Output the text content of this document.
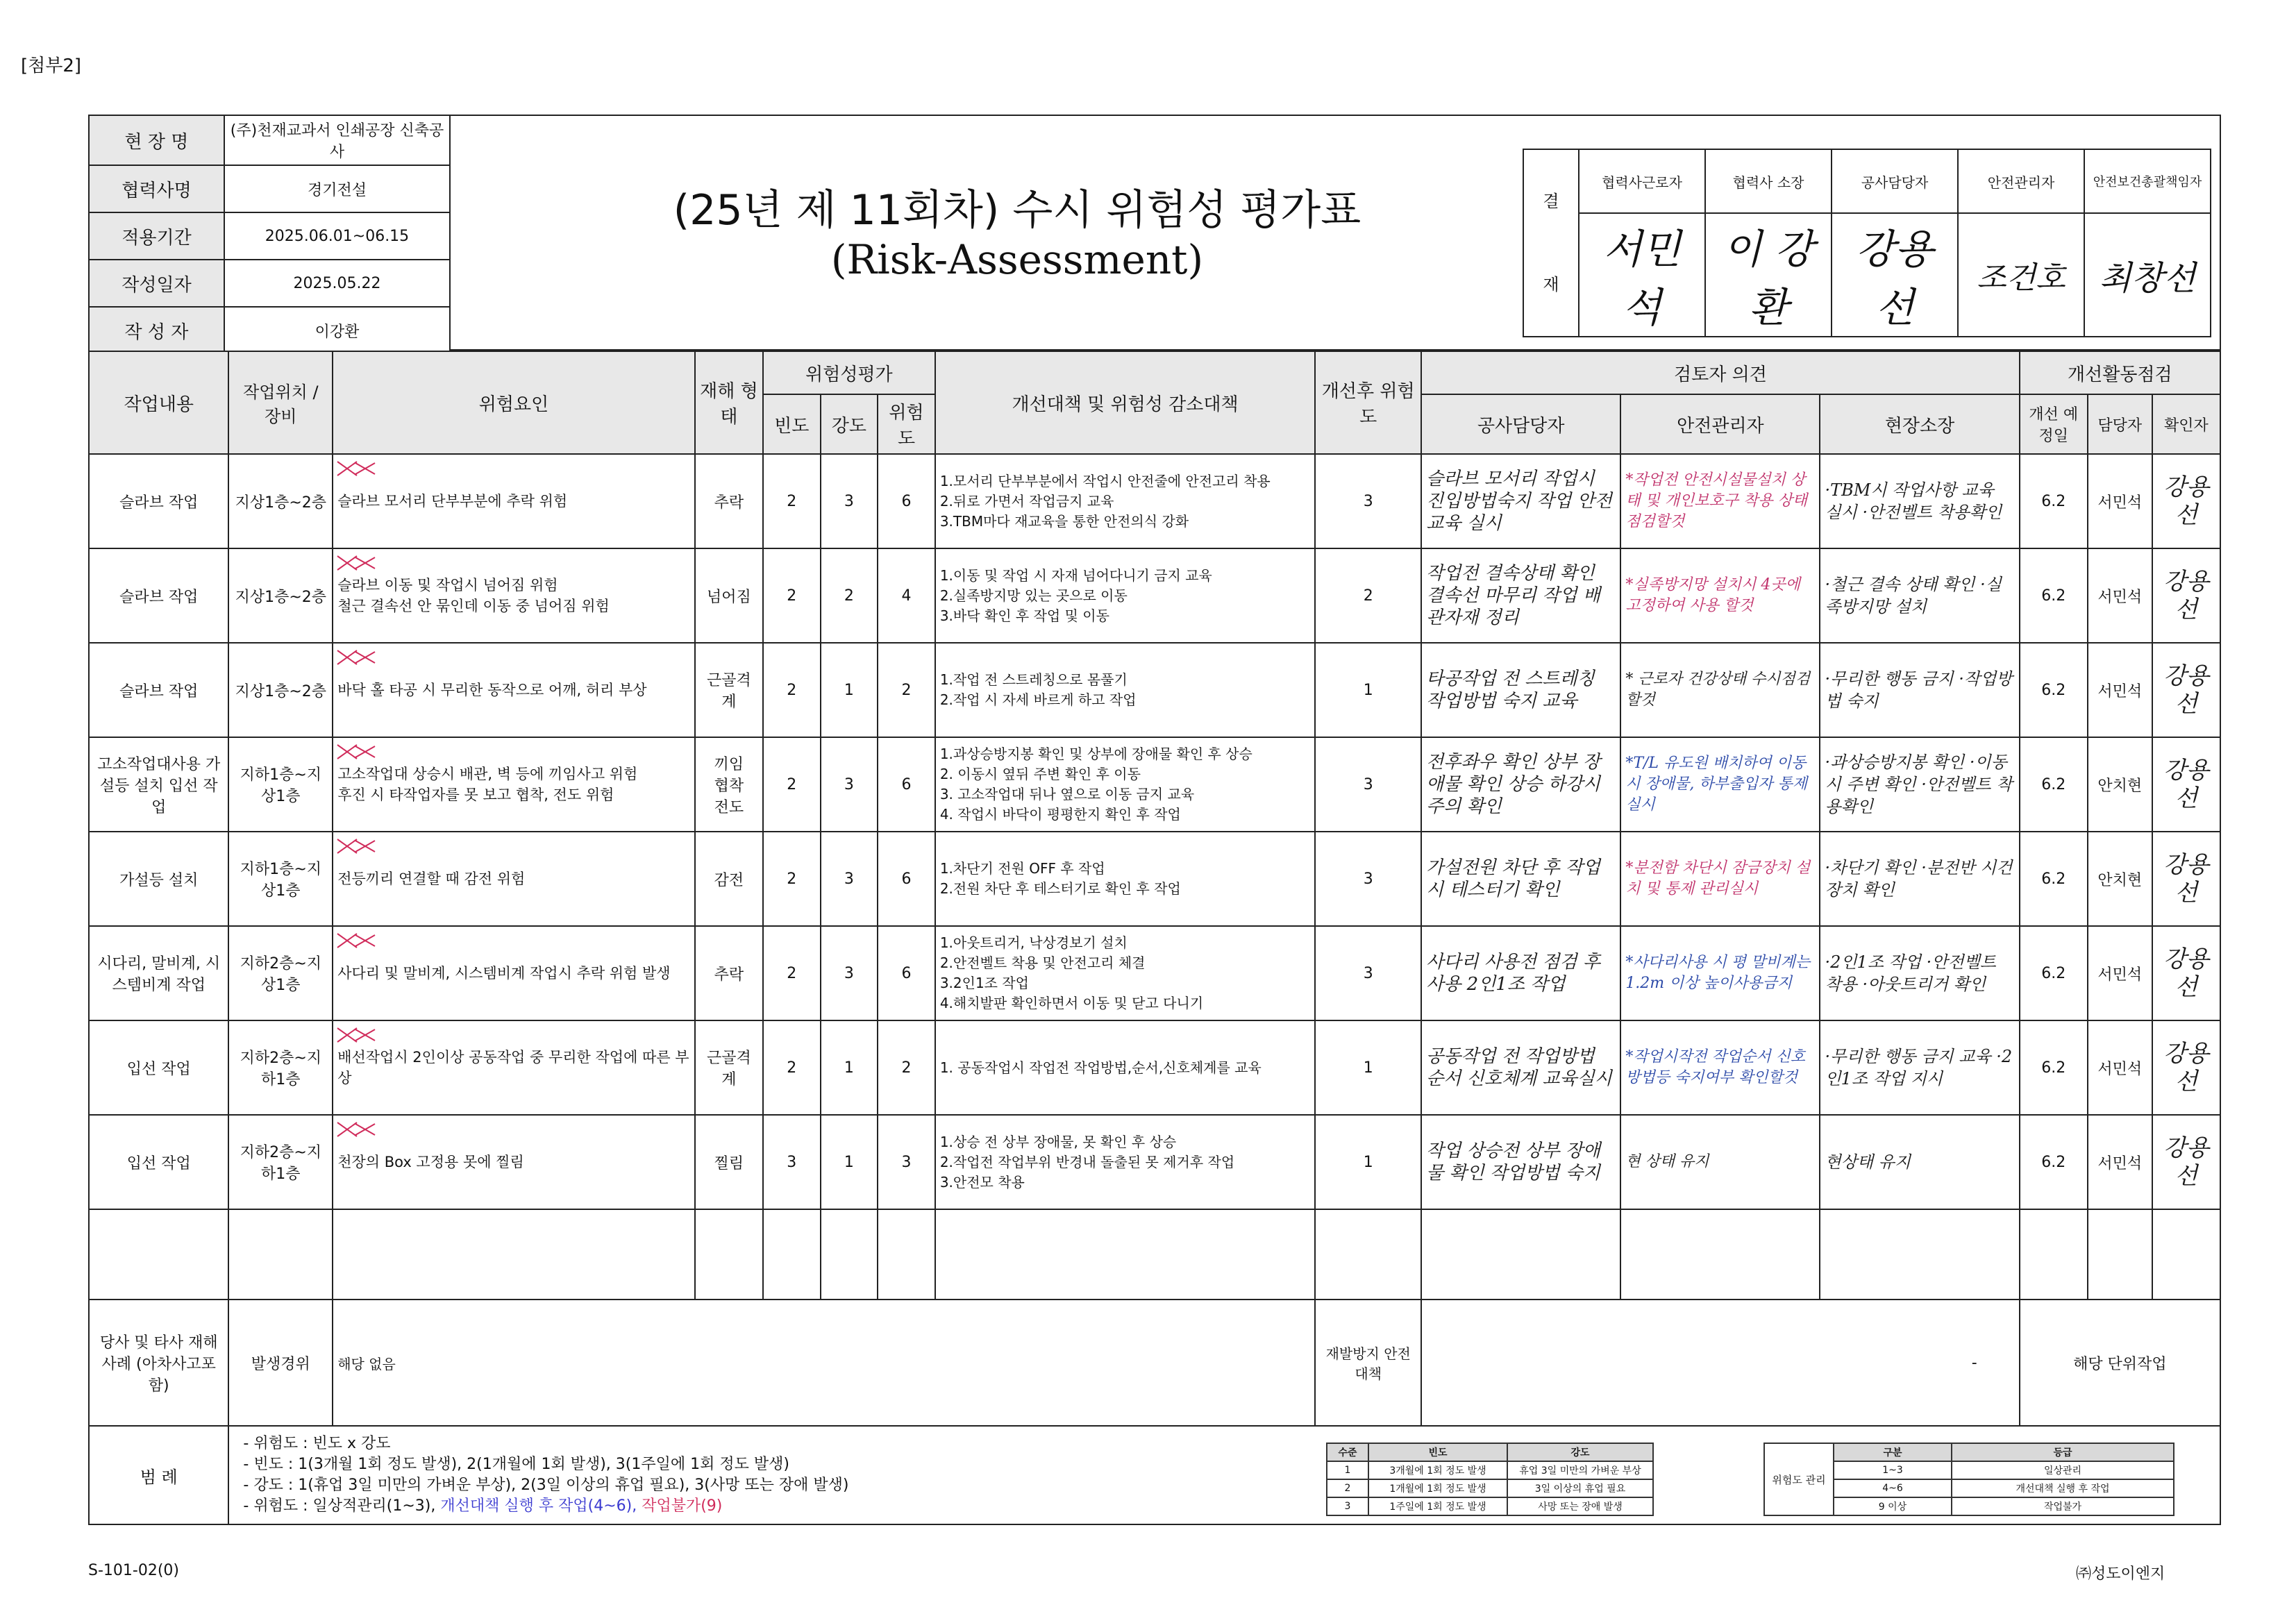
[첨부2]
현 장 명	(주)천재교과서 인쇄공장 신축공사
협력사명	경기전설
적용기간	2025.06.01~06.15
작성일자	2025.05.22
작 성 자	이강환
(25년 제 11회차) 수시 위험성 평가표
(Risk-Assessment)
결
재	협력사근로자	협력사 소장	공사담당자	안전관리자	안전보건총괄책임자
	서민석	이 강환	강용선	조건호	최창선
작업내용	작업위치 / 장비	위험요인	재해 형태	위험성평가			개선대책 및 위험성 감소대책	개선후 위험도	검토자 의견			개선활동점검		
				빈도	강도	위험도			공사담당자	안전관리자	현장소장	개선 예정일	담당자	확인자
슬라브 작업	지상1층~2층	슬라브 모서리 단부부분에 추락 위험	추락	2	3	6	1.모서리 단부부분에서 작업시 안전줄에 안전고리 착용
2.뒤로 가면서 작업금지 교육
3.TBM마다 재교육을 통한 안전의식 강화	3	슬라브 모서리 작업시 진입방법숙지 작업 안전교육 실시	*작업전 안전시설물설치 상태 및 개인보호구 착용 상태점검할것	·TBM시 작업사항 교육 실시 ·안전벨트 착용확인	6.2	서민석	강용선
슬라브 작업	지상1층~2층	슬라브 이동 및 작업시 넘어짐 위험
철근 결속선 안 묶인데 이동 중 넘어짐 위험	넘어짐	2	2	4	1.이동 및 작업 시 자재 넘어다니기 금지 교육
2.실족방지망 있는 곳으로 이동
3.바닥 확인 후 작업 및 이동	2	작업전 결속상태 확인 결속선 마무리 작업 배관자재 정리	*실족방지망 설치시 4곳에 고정하여 사용 할것	·철근 결속 상태 확인 ·실족방지망 설치	6.2	서민석	강용선
슬라브 작업	지상1층~2층	바닥 홀 타공 시 무리한 동작으로 어깨, 허리 부상	근골격계	2	1	2	1.작업 전 스트레칭으로 몸풀기
2.작업 시 자세 바르게 하고 작업	1	타공작업 전 스트레칭 작업방법 숙지 교육	* 근로자 건강상태 수시점검할것	·무리한 행동 금지 ·작업방법 숙지	6.2	서민석	강용선
고소작업대사용 가설등 설치 입선 작업	지하1층~지상1층	고소작업대 상승시 배관, 벽 등에 끼임사고 위험
후진 시 타작업자를 못 보고 협착, 전도 위험	끼임
협착
전도	2	3	6	1.과상승방지봉 확인 및 상부에 장애물 확인 후 상승
2. 이동시 옆뒤 주변 확인 후 이동
3. 고소작업대 뒤나 옆으로 이동 금지 교육
4. 작업시 바닥이 평평한지 확인 후 작업	3	전후좌우 확인 상부 장애물 확인 상승 하강시 주의 확인	*T/L 유도원 배치하여 이동시 장애물, 하부출입자 통제실시	·과상승방지봉 확인 ·이동시 주변 확인 ·안전벨트 착용확인	6.2	안치현	강용선
가설등 설치	지하1층~지상1층	전등끼리 연결할 때 감전 위험	감전	2	3	6	1.차단기 전원 OFF 후 작업
2.전원 차단 후 테스터기로 확인 후 작업	3	가설전원 차단 후 작업 시 테스터기 확인	*분전함 차단시 잠금장치 설치 및 통제 관리실시	·차단기 확인 ·분전반 시건장치 확인	6.2	안치현	강용선
시다리, 말비계, 시스템비계 작업	지하2층~지상1층	사다리 및 말비계, 시스템비계 작업시 추락 위험 발생	추락	2	3	6	1.아웃트리거, 낙상경보기 설치
2.안전벨트 착용 및 안전고리 체결
3.2인1조 작업
4.해치발판 확인하면서 이동 및 닫고 다니기	3	사다리 사용전 점검 후 사용 2인1조 작업	*사다리사용 시 평 말비계는 1.2m 이상 높이사용금지	·2인1조 작업 ·안전벨트 착용 ·아웃트리거 확인	6.2	서민석	강용선
입선 작업	지하2층~지하1층	배선작업시 2인이상 공동작업 중 무리한 작업에 따른 부상	근골격계	2	1	2	1. 공동작업시 작업전 작업방법,순서,신호체계를 교육	1	공동작업 전 작업방법 순서 신호체계 교육실시	*작업시작전 작업순서 신호방법등 숙지여부 확인할것	·무리한 행동 금지 교육 ·2인1조 작업 지시	6.2	서민석	강용선
입선 작업	지하2층~지하1층	천장의 Box 고정용 못에 찔림	찔림	3	1	3	1.상승 전 상부 장애물, 못 확인 후 상승
2.작업전 작업부위 반경내 돌출된 못 제거후 작업
3.안전모 착용	1	작업 상승전 상부 장애물 확인 작업방법 숙지	현 상태 유지	현상태 유지	6.2	서민석	강용선

당사 및 타사 재해사례 (아차사고포함)	발생경위	해당 없음						재발방지 안전대책	-			해당 단위작업		
범 례	- 위험도 : 빈도 x 강도
- 빈도 : 1(3개월 1회 정도 발생), 2(1개월에 1회 발생), 3(1주일에 1회 정도 발생)
- 강도 : 1(휴업 3일 미만의 가벼운 부상), 2(3일 이상의 휴업 필요), 3(사망 또는 장애 발생)
- 위험도 : 일상적관리(1~3), 개선대책 실행 후 작업(4~6), 작업불가(9)													
수준	빈도	강도
1	3개월에 1회 정도 발생	휴업 3일 미만의 가벼운 부상
2	1개월에 1회 정도 발생	3일 이상의 휴업 필요
3	1주일에 1회 정도 발생	사망 또는 장애 발생
위험도 관리	구분	등급
	1~3	일상관리
	4~6	개선대책 실행 후 작업
	9 이상	작업불가
S-101-02(0)	㈜성도이엔지
